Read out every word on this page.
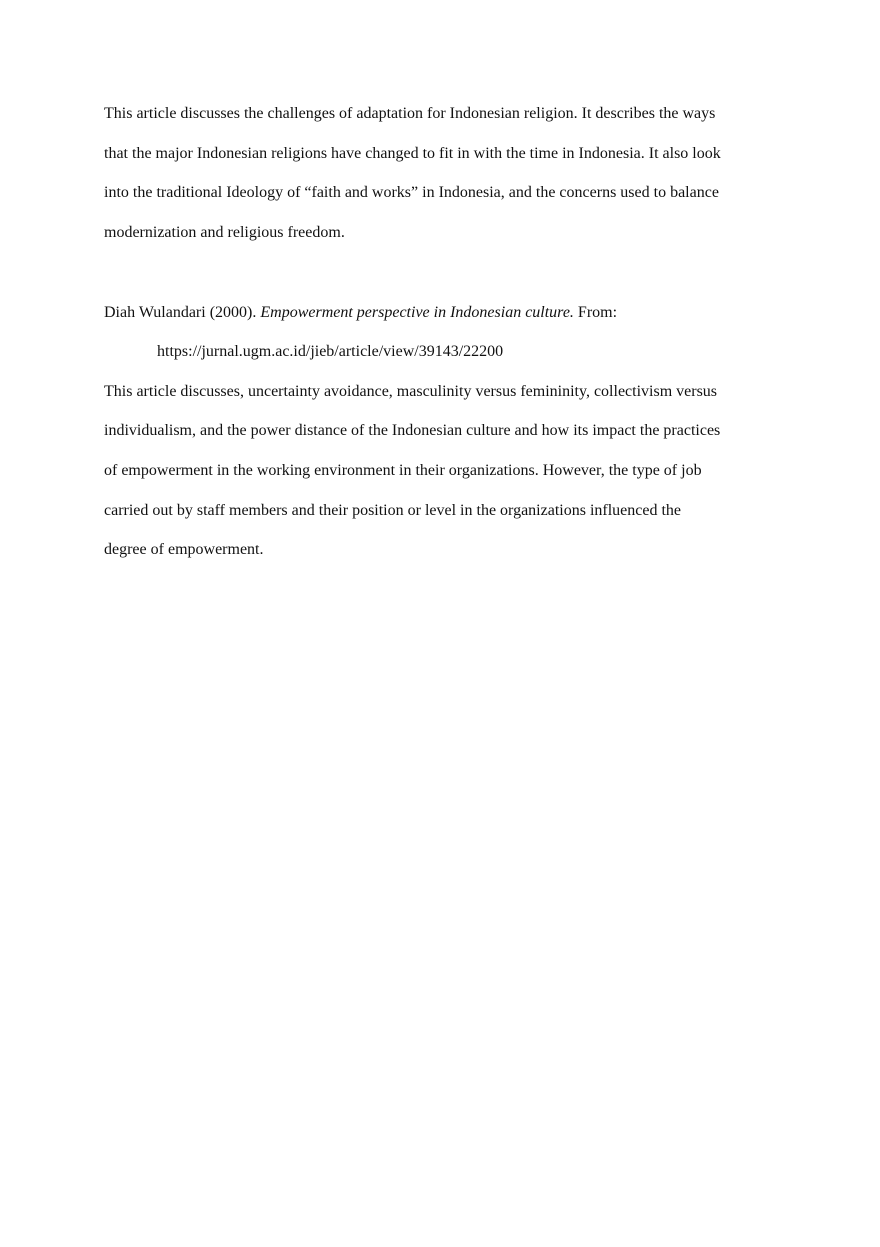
This article discusses the challenges of adaptation for Indonesian religion. It describes the ways
that the major Indonesian religions have changed to fit in with the time in Indonesia. It also look
into the traditional Ideology of “faith and works” in Indonesia, and the concerns used to balance
modernization and religious freedom.
Diah Wulandari (2000). Empowerment perspective in Indonesian culture. From:
https://jurnal.ugm.ac.id/jieb/article/view/39143/22200
This article discusses, uncertainty avoidance, masculinity versus femininity, collectivism versus
individualism, and the power distance of the Indonesian culture and how its impact the practices
of empowerment in the working environment in their organizations. However, the type of job
carried out by staff members and their position or level in the organizations influenced the
degree of empowerment.
